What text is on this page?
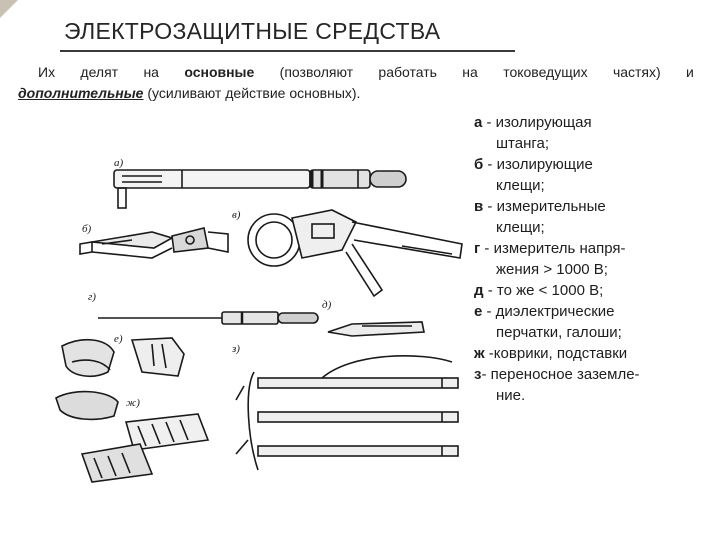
ЭЛЕКТРОЗАЩИТНЫЕ СРЕДСТВА
Их делят на основные (позволяют работать на токоведущих частях) и
дополнительные (усиливают действие основных).
а)
б)
в)
г)
д)
е)
ж)
з)
а - изолирующая
штанга;
б - изолирующие
клещи;
в - измерительные
клещи;
г - измеритель напря-
жения > 1000 В;
д - то же < 1000 В;
е - диэлектрические
перчатки, галоши;
ж -коврики, подставки
з- переносное заземле-
ние.
